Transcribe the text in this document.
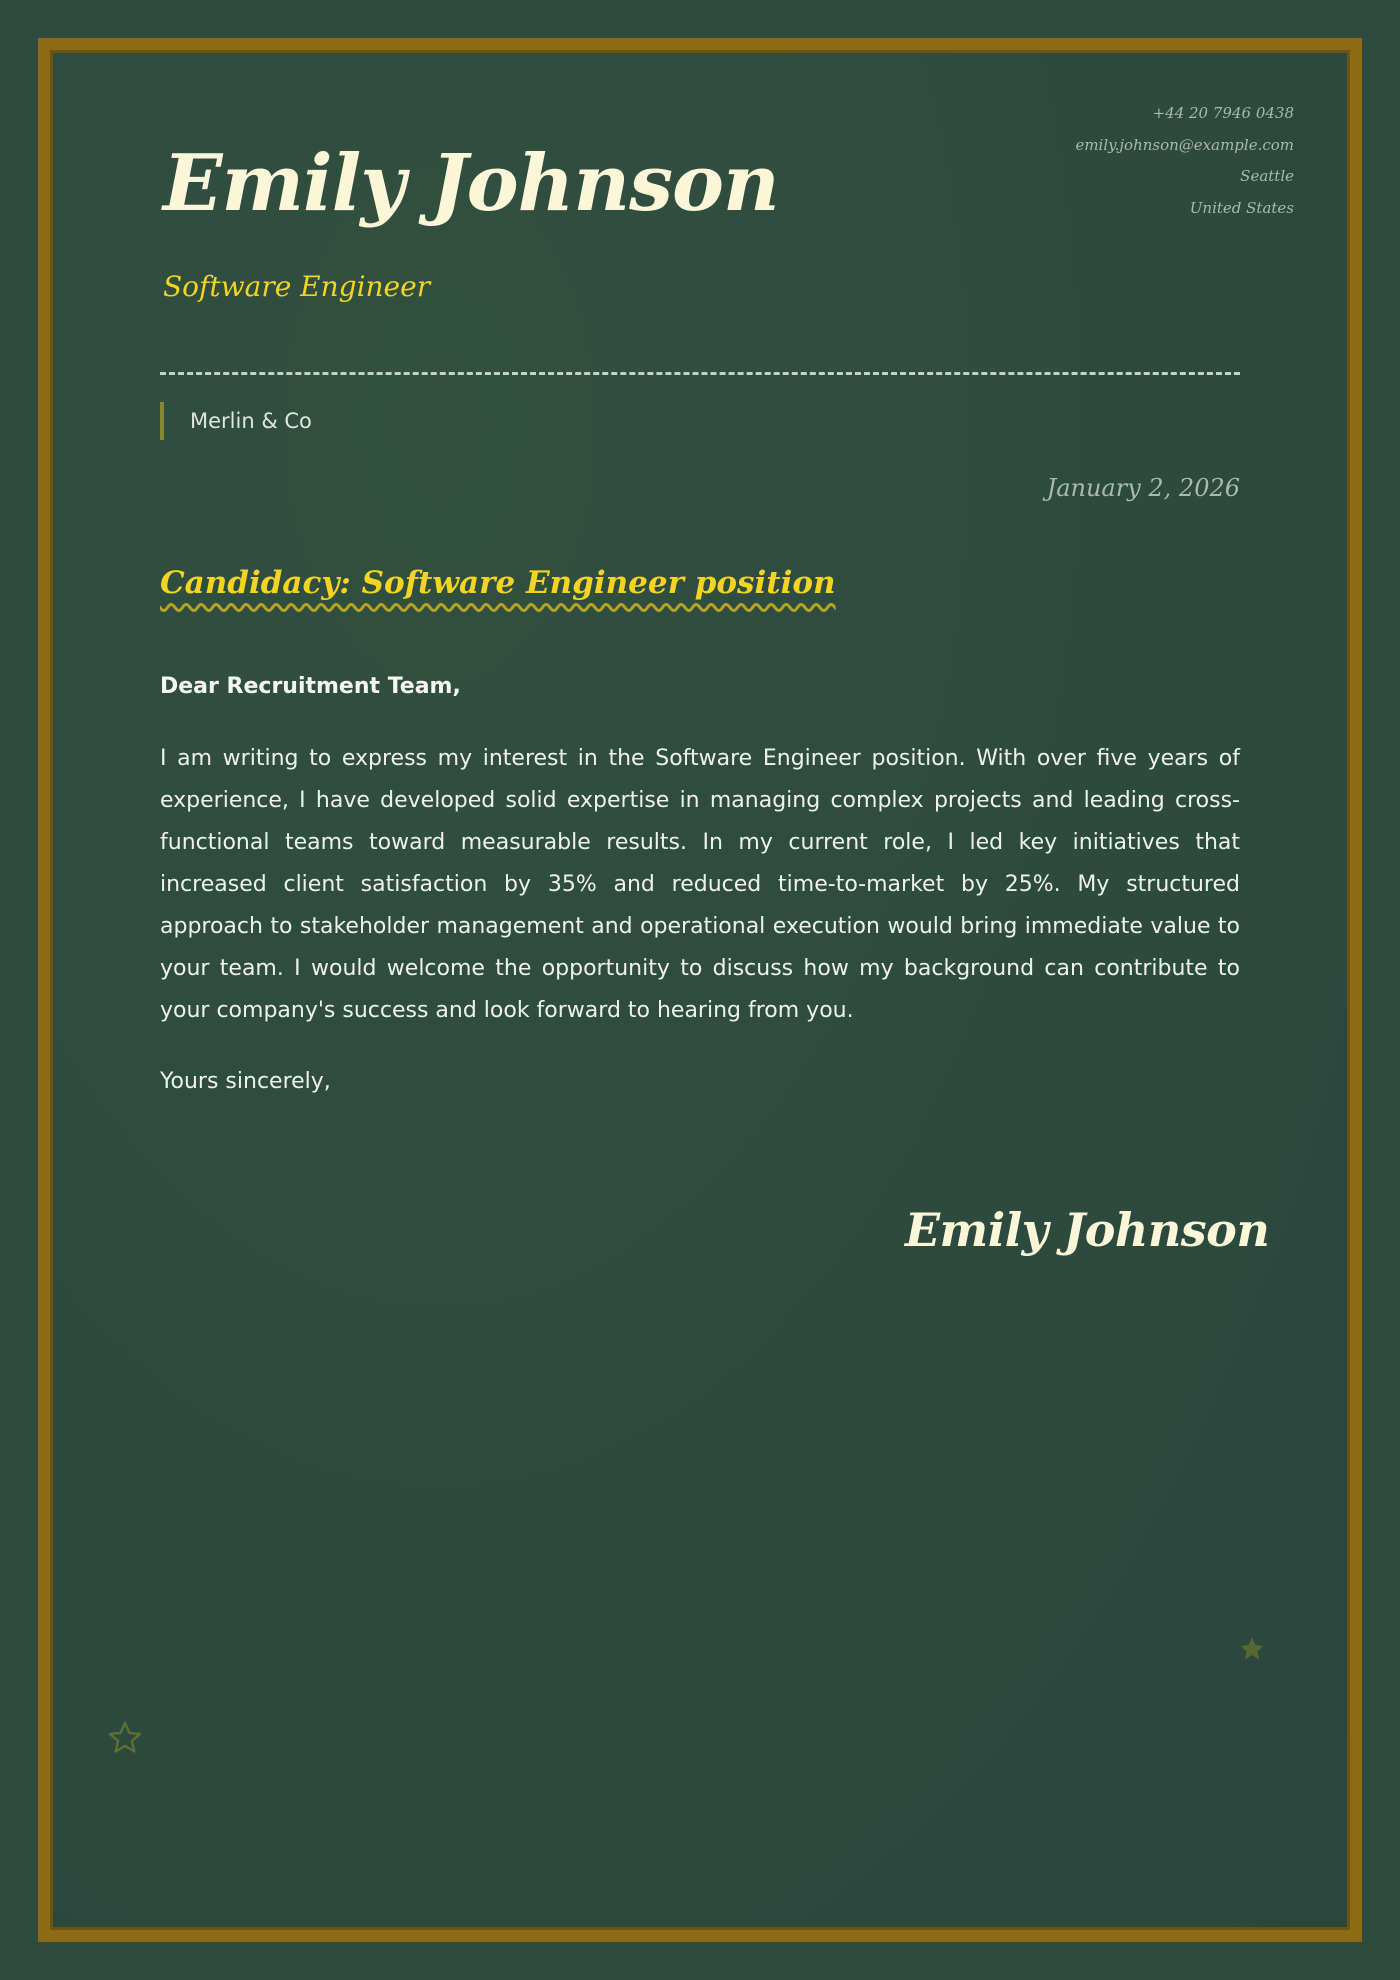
Emily Johnson
Software Engineer
+44 20 7946 0438
emily.johnson@example.com
Seattle
United States
Merlin & Co
January 2, 2026
Candidacy: Software Engineer position
Dear Recruitment Team,

I am writing to express my interest in the Software Engineer position. With over five years of experience, I have developed solid expertise in managing complex projects and leading cross-functional teams toward measurable results. In my current role, I led key initiatives that increased client satisfaction by 35% and reduced time-to-market by 25%. My structured approach to stakeholder management and operational execution would bring immediate value to your team. I would welcome the opportunity to discuss how my background can contribute to your company's success and look forward to hearing from you.

Yours sincerely,
Emily Johnson
